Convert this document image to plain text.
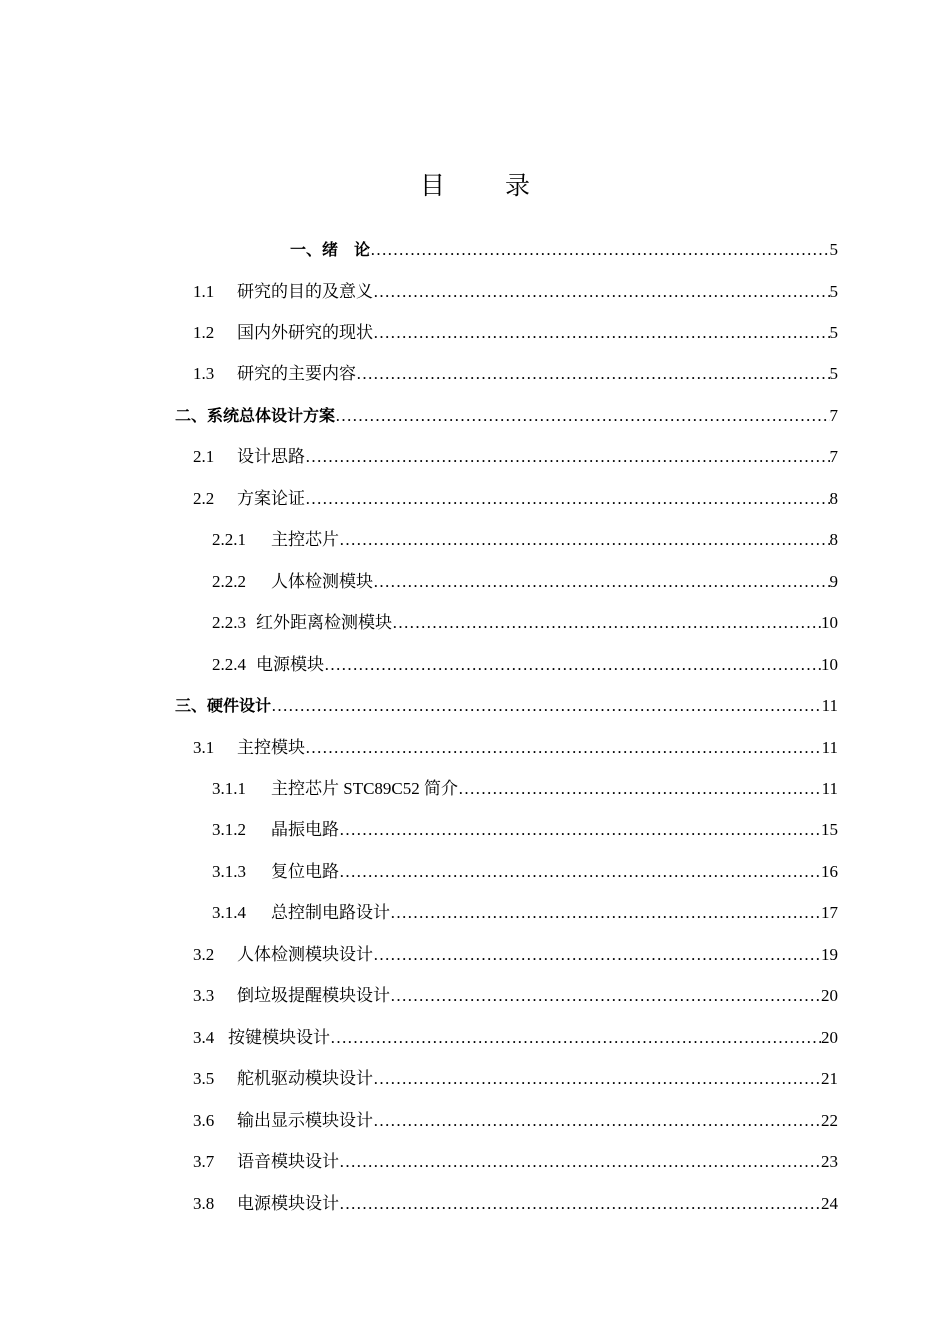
目 录
一、绪　论 ……………………………………………………………………………………………………………………………………………………………………………………………………………………………………………………………………………………	5
1.1	研究的目的及意义 ……………………………………………………………………………………………………………………………………………………………………………………………………………………………………………………………………………………	5
1.2	国内外研究的现状 ……………………………………………………………………………………………………………………………………………………………………………………………………………………………………………………………………………………	5
1.3	研究的主要内容 ……………………………………………………………………………………………………………………………………………………………………………………………………………………………………………………………………………………	5
二、系统总体设计方案 ……………………………………………………………………………………………………………………………………………………………………………………………………………………………………………………………………………………	7
2.1	设计思路 ……………………………………………………………………………………………………………………………………………………………………………………………………………………………………………………………………………………	7
2.2	方案论证 ……………………………………………………………………………………………………………………………………………………………………………………………………………………………………………………………………………………	8
2.2.1	主控芯片 ……………………………………………………………………………………………………………………………………………………………………………………………………………………………………………………………………………………	8
2.2.2	人体检测模块 ……………………………………………………………………………………………………………………………………………………………………………………………………………………………………………………………………………………	9
2.2.3 红外距离检测模块 ……………………………………………………………………………………………………………………………………………………………………………………………………………………………………………………………………………………	10
2.2.4 电源模块 ……………………………………………………………………………………………………………………………………………………………………………………………………………………………………………………………………………………	10
三、硬件设计 ……………………………………………………………………………………………………………………………………………………………………………………………………………………………………………………………………………………	11
3.1	主控模块 ……………………………………………………………………………………………………………………………………………………………………………………………………………………………………………………………………………………	11
3.1.1	主控芯片 STC89C52 简介 ……………………………………………………………………………………………………………………………………………………………………………………………………………………………………………………………………………………	11
3.1.2	晶振电路 ……………………………………………………………………………………………………………………………………………………………………………………………………………………………………………………………………………………	15
3.1.3	复位电路 ……………………………………………………………………………………………………………………………………………………………………………………………………………………………………………………………………………………	16
3.1.4	总控制电路设计 ……………………………………………………………………………………………………………………………………………………………………………………………………………………………………………………………………………………	17
3.2	人体检测模块设计 ……………………………………………………………………………………………………………………………………………………………………………………………………………………………………………………………………………………	19
3.3	倒垃圾提醒模块设计 ……………………………………………………………………………………………………………………………………………………………………………………………………………………………………………………………………………………	20
3.4 按键模块设计 ……………………………………………………………………………………………………………………………………………………………………………………………………………………………………………………………………………………	20
3.5	舵机驱动模块设计 ……………………………………………………………………………………………………………………………………………………………………………………………………………………………………………………………………………………	21
3.6	输出显示模块设计 ……………………………………………………………………………………………………………………………………………………………………………………………………………………………………………………………………………………	22
3.7	语音模块设计 ……………………………………………………………………………………………………………………………………………………………………………………………………………………………………………………………………………………	23
3.8	电源模块设计 ……………………………………………………………………………………………………………………………………………………………………………………………………………………………………………………………………………………	24
